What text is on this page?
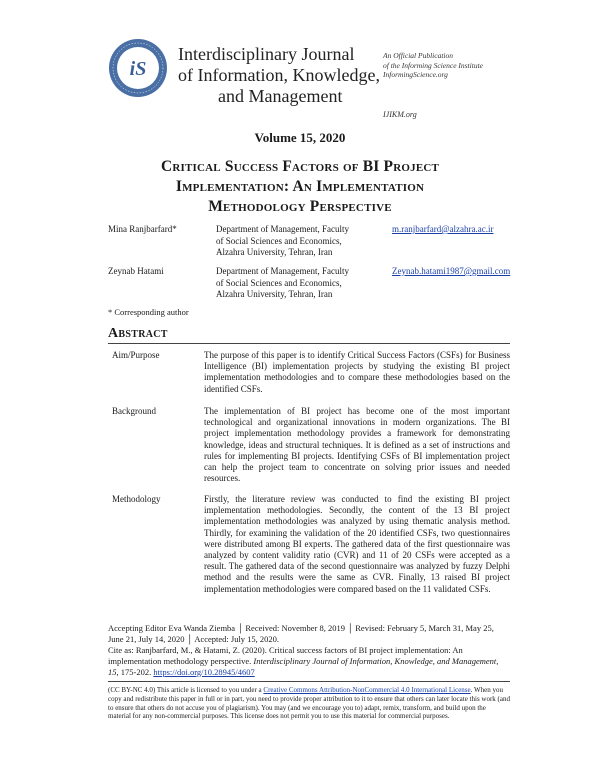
iS
Interdisciplinary Journal
of Information, Knowledge,
and Management
An Official Publication
of the Informing Science Institute
InformingScience.org
IJIKM.org
Volume 15, 2020
Critical Success Factors of BI Project
Implementation: An Implementation
Methodology Perspective
Mina Ranjbarfard*	Department of Management, Faculty
of Social Sciences and Economics,
Alzahra University, Tehran, Iran
m.ranjbarfard@alzahra.ac.ir
Zeynab Hatami	Department of Management, Faculty
of Social Sciences and Economics,
Alzahra University, Tehran, Iran
Zeynab.hatami1987@gmail.com
* Corresponding author
Abstract
Aim/Purpose	The purpose of this paper is to identify Critical Success Factors (CSFs) for Business Intelligence (BI) implementation projects by studying the existing BI project implementation methodologies and to compare these methodologies based on the identified CSFs.
Background	The implementation of BI project has become one of the most important technological and organizational innovations in modern organizations. The BI project implementation methodology provides a framework for demonstrating knowledge, ideas and structural techniques. It is defined as a set of instructions and rules for implementing BI projects. Identifying CSFs of BI implementation project can help the project team to concentrate on solving prior issues and needed resources.
Methodology	Firstly, the literature review was conducted to find the existing BI project implementation methodologies. Secondly, the content of the 13 BI project implementation methodologies was analyzed by using thematic analysis method. Thirdly, for examining the validation of the 20 identified CSFs, two questionnaires were distributed among BI experts. The gathered data of the first questionnaire was analyzed by content validity ratio (CVR) and 11 of 20 CSFs were accepted as a result. The gathered data of the second questionnaire was analyzed by fuzzy Delphi method and the results were the same as CVR. Finally, 13 raised BI project implementation methodologies were compared based on the 11 validated CSFs.
Accepting Editor Eva Wanda Ziemba │ Received: November 8, 2019 │ Revised: February 5, March 31, May 25, June 21, July 14, 2020 │ Accepted: July 15, 2020.
Cite as: Ranjbarfard, M., & Hatami, Z. (2020). Critical success factors of BI project implementation: An implementation methodology perspective. Interdisciplinary Journal of Information, Knowledge, and Management, 15, 175-202. https://doi.org/10.28945/4607
(CC BY-NC 4.0) This article is licensed to you under a Creative Commons Attribution-NonCommercial 4.0 International License. When you copy and redistribute this paper in full or in part, you need to provide proper attribution to it to ensure that others can later locate this work (and to ensure that others do not accuse you of plagiarism). You may (and we encourage you to) adapt, remix, transform, and build upon the material for any non-commercial purposes. This license does not permit you to use this material for commercial purposes.
